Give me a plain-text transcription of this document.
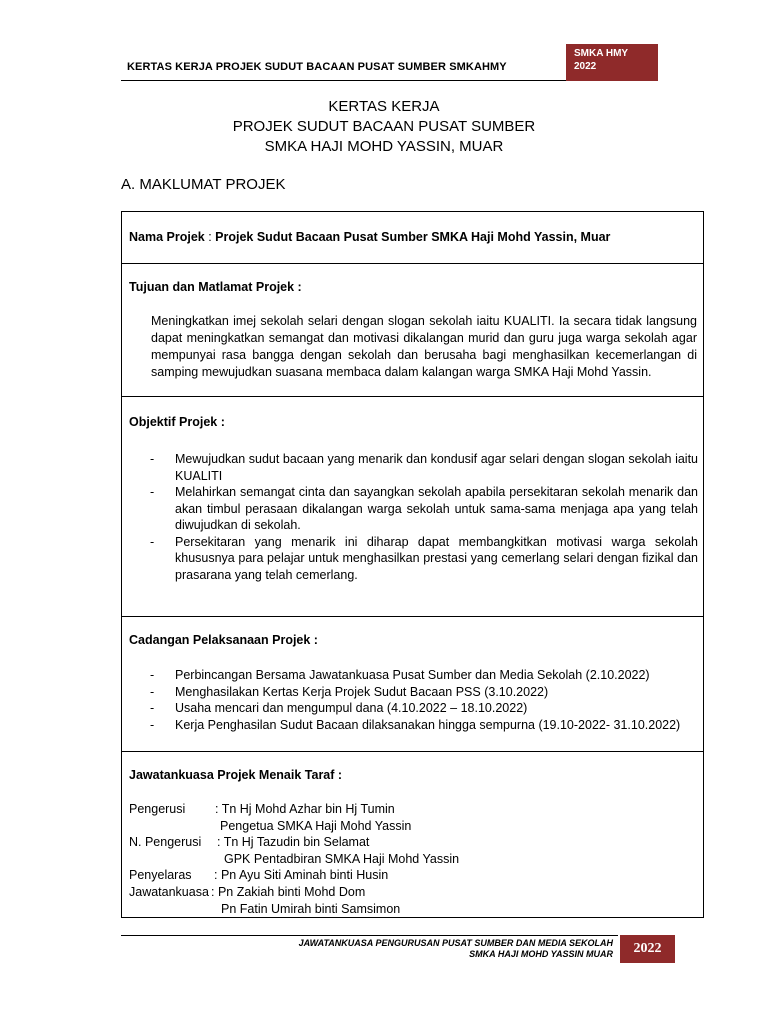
KERTAS KERJA PROJEK SUDUT BACAAN PUSAT SUMBER SMKAHMY
SMKA HMY
2022
KERTAS KERJA
PROJEK SUDUT BACAAN PUSAT SUMBER
SMKA HAJI MOHD YASSIN, MUAR
A. MAKLUMAT PROJEK
Nama Projek : Projek Sudut Bacaan Pusat Sumber SMKA Haji Mohd Yassin, Muar
Tujuan dan Matlamat Projek :
Meningkatkan imej sekolah selari dengan slogan sekolah iaitu KUALITI. Ia secara tidak langsung dapat meningkatkan semangat dan motivasi dikalangan murid dan guru juga warga sekolah agar mempunyai rasa bangga dengan sekolah dan berusaha bagi menghasilkan kecemerlangan di samping mewujudkan suasana membaca dalam kalangan warga SMKA Haji Mohd Yassin.
Objektif Projek :
- Mewujudkan sudut bacaan yang menarik dan kondusif agar selari dengan slogan sekolah iaitu KUALITI
- Melahirkan semangat cinta dan sayangkan sekolah apabila persekitaran sekolah menarik dan akan timbul perasaan dikalangan warga sekolah untuk sama-sama menjaga apa yang telah diwujudkan di sekolah.
- Persekitaran yang menarik ini diharap dapat membangkitkan motivasi warga sekolah khususnya para pelajar untuk menghasilkan prestasi yang cemerlang selari dengan fizikal dan prasarana yang telah cemerlang.
Cadangan Pelaksanaan Projek :
- Perbincangan Bersama Jawatankuasa Pusat Sumber dan Media Sekolah (2.10.2022)
- Menghasilakan Kertas Kerja Projek Sudut Bacaan PSS (3.10.2022)
- Usaha mencari dan mengumpul dana (4.10.2022 – 18.10.2022)
- Kerja Penghasilan Sudut Bacaan dilaksanakan hingga sempurna (19.10-2022- 31.10.2022)
Jawatankuasa Projek Menaik Taraf :
Pengerusi : Tn Hj Mohd Azhar bin Hj Tumin
Pengetua SMKA Haji Mohd Yassin
N. Pengerusi : Tn Hj Tazudin bin Selamat
GPK Pentadbiran SMKA Haji Mohd Yassin
Penyelaras : Pn Ayu Siti Aminah binti Husin
Jawatankuasa : Pn Zakiah binti Mohd Dom
Pn Fatin Umirah binti Samsimon
JAWATANKUASA PENGURUSAN PUSAT SUMBER DAN MEDIA SEKOLAH
SMKA HAJI MOHD YASSIN MUAR	2022
